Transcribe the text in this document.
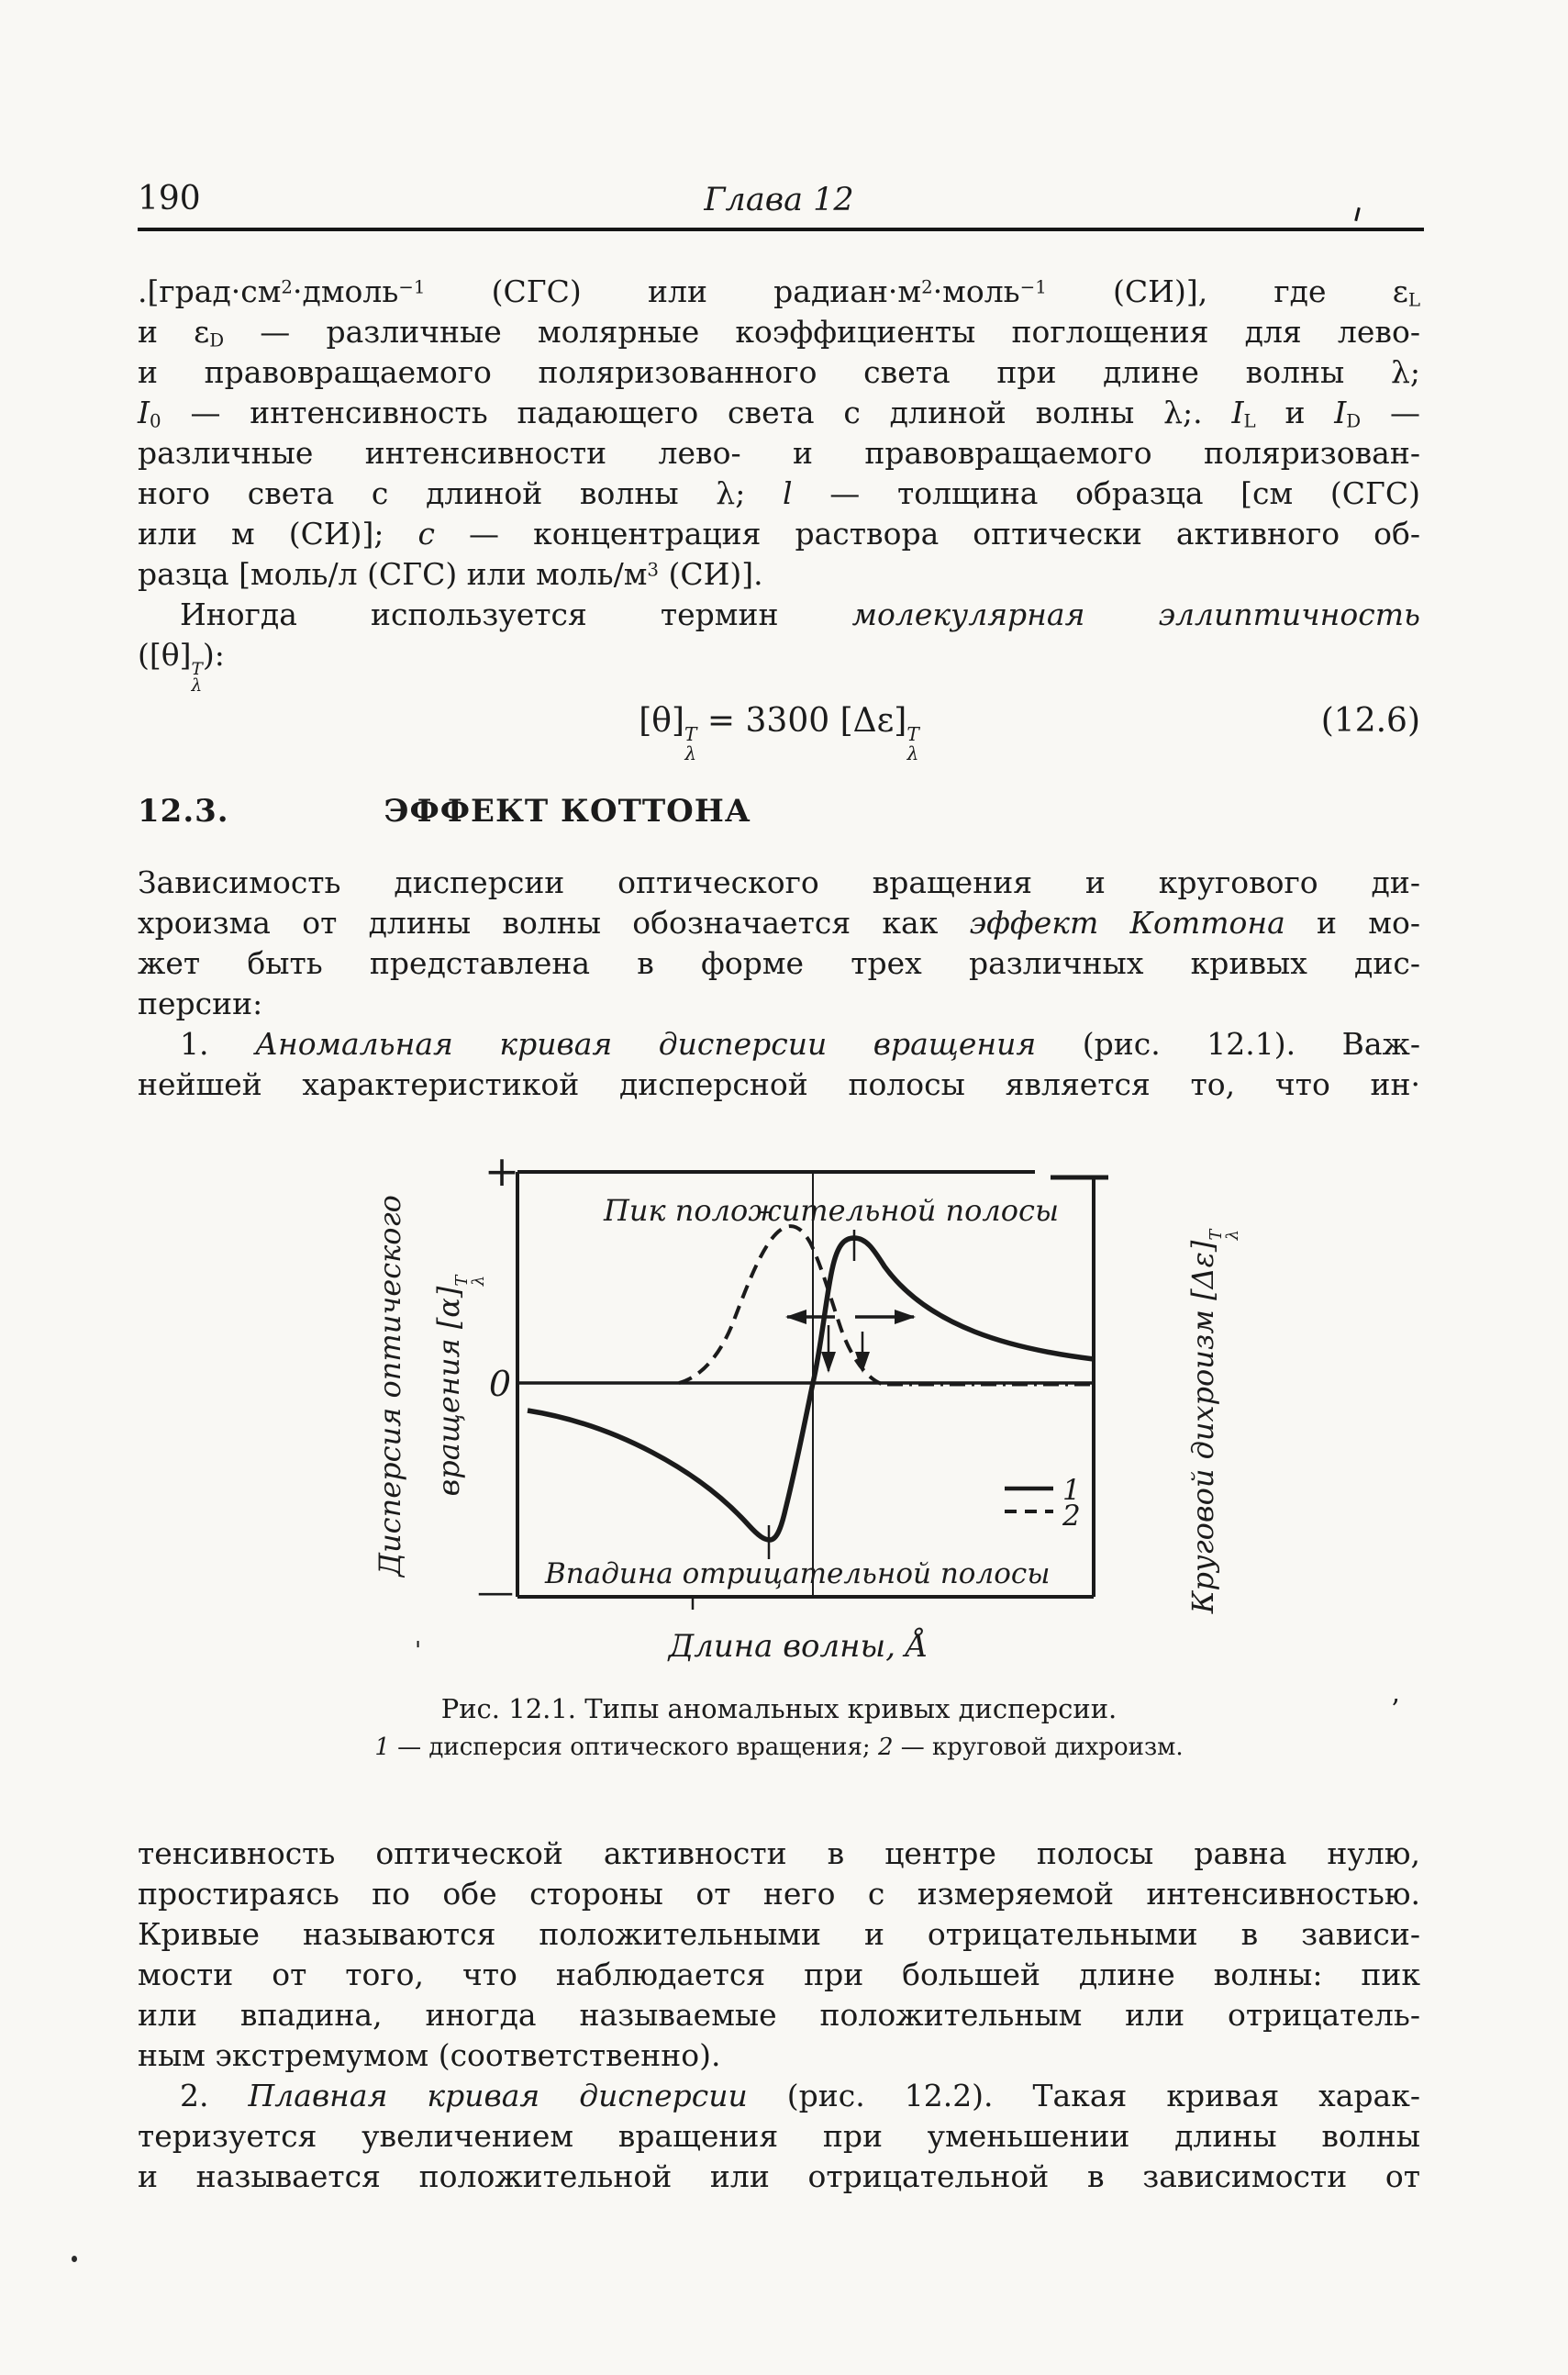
190	Глава 12
$.[град\cdot см^2\cdot дмоль^{-1}$ (СГС) или $радиан\cdot м^2\cdot моль^{-1}$ (СИ)], где $\varepsilon_L$
и $\varepsilon_D$ — различные молярные коэффициенты поглощения для лево-
и правовращаемого поляризованного света при длине волны λ;
$I_0$ — интенсивность падающего света с длиной волны λ;. $I_L$ и $I_D$ —
различные интенсивности лево- и правовращаемого поляризован-
ного света с длиной волны λ; l — толщина образца [см (СГС)
или м (СИ)]; с — концентрация раствора оптически активного об-
разца [моль/л (СГС) или моль/$м^3$ (СИ)].
Иногда используется термин молекулярная эллиптичность
([θ] T
λ
):
[θ] T
λ
= 3300 [Δε] T
λ
(12.6)
12.3.	ЭФФЕКТ КОТТОНА
Зависимость дисперсии оптического вращения и кругового ди-
хроизма от длины волны обозначается как эффект Коттона и мо-
жет быть представлена в форме трех различных кривых дис-
персии:
1. Аномальная кривая дисперсии вращения (рис. 12.1). Важ-
нейшей характеристикой дисперсной полосы является то, что ин·
+
0
—
1
2
Пик положительной полосы
Впадина отрицательной полосы
Длина волны, Å
Дисперсия оптического вращения [α]
T
λ	Круговой дихроизм [Δε]
T
λ
Рис. 12.1. Типы аномальных кривых дисперсии.
1 — дисперсия оптического вращения; 2 — круговой дихроизм.
’
'
тенсивность оптической активности в центре полосы равна нулю,
простираясь по обе стороны от него с измеряемой интенсивностью.
Кривые называются положительными и отрицательными в зависи-
мости от того, что наблюдается при большей длине волны: пик
или впадина, иногда называемые положительным или отрицатель-
ным экстремумом (соответственно).
2. Плавная кривая дисперсии (рис. 12.2). Такая кривая харак-
теризуется увеличением вращения при уменьшении длины волны
и называется положительной или отрицательной в зависимости от
